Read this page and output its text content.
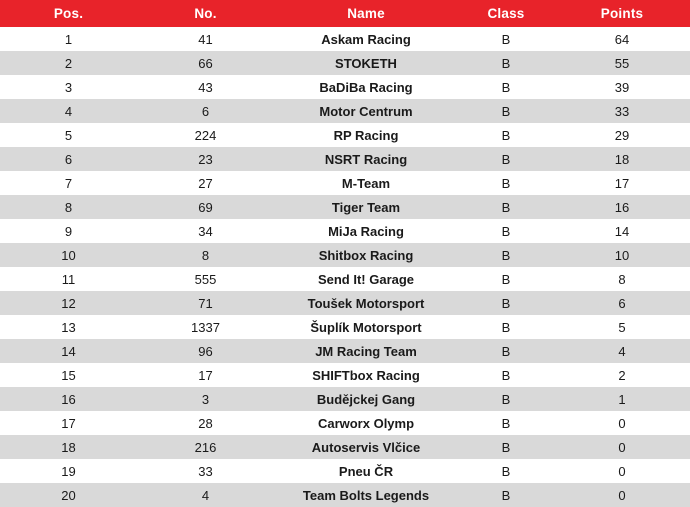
Pos.	No.	Name	Class	Points
1	41	Askam Racing	B	64
2	66	STOKETH	B	55
3	43	BaDiBa Racing	B	39
4	6	Motor Centrum	B	33
5	224	RP Racing	B	29
6	23	NSRT Racing	B	18
7	27	M-Team	B	17
8	69	Tiger Team	B	16
9	34	MiJa Racing	B	14
10	8	Shitbox Racing	B	10
11	555	Send It! Garage	B	8
12	71	Toušek Motorsport	B	6
13	1337	Šuplík Motorsport	B	5
14	96	JM Racing Team	B	4
15	17	SHIFTbox Racing	B	2
16	3	Budějckej Gang	B	1
17	28	Carworx Olymp	B	0
18	216	Autoservis Vlčice	B	0
19	33	Pneu ČR	B	0
20	4	Team Bolts Legends	B	0
